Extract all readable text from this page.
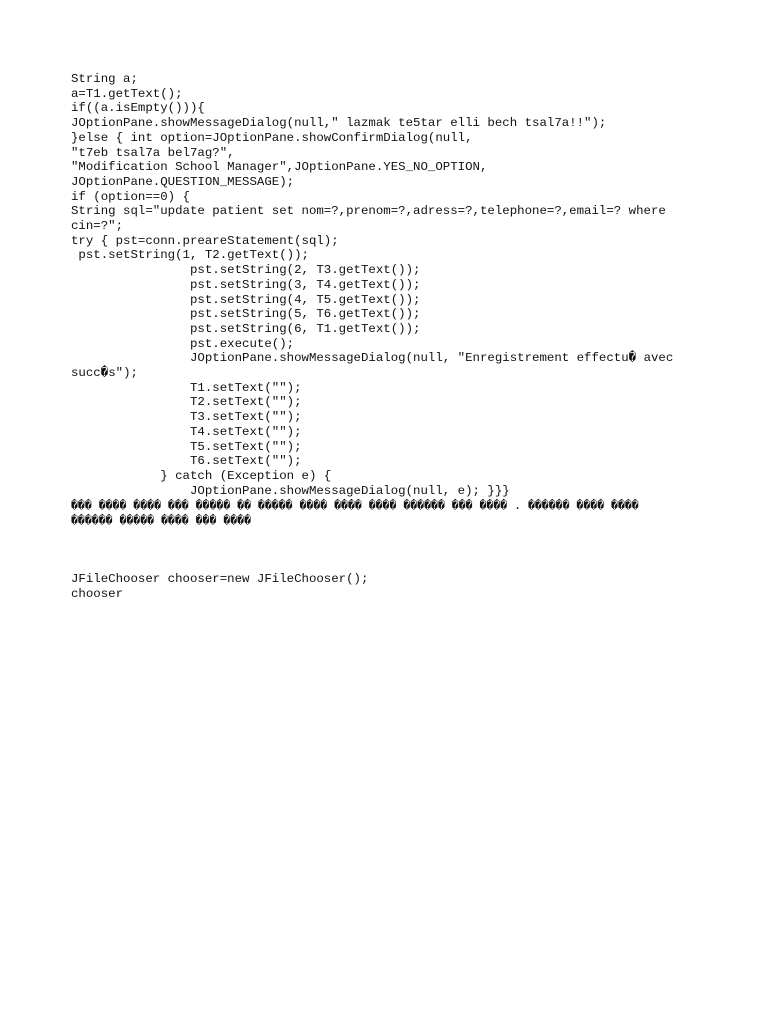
String a;
a=T1.getText();
if((a.isEmpty())){
JOptionPane.showMessageDialog(null," lazmak te5tar elli bech tsal7a!!");
}else { int option=JOptionPane.showConfirmDialog(null,
"t7eb tsal7a bel7ag?",
"Modification School Manager",JOptionPane.YES_NO_OPTION,
JOptionPane.QUESTION_MESSAGE);
if (option==0) {
String sql="update patient set nom=?,prenom=?,adress=?,telephone=?,email=? where
cin=?";
try { pst=conn.preareStatement(sql);
pst.setString(1, T2.getText());
pst.setString(2, T3.getText());
pst.setString(3, T4.getText());
pst.setString(4, T5.getText());
pst.setString(5, T6.getText());
pst.setString(6, T1.getText());
pst.execute();
JOptionPane.showMessageDialog(null, "Enregistrement effectu� avec
succ�s");
T1.setText("");
T2.setText("");
T3.setText("");
T4.setText("");
T5.setText("");
T6.setText("");
} catch (Exception e) {
JOptionPane.showMessageDialog(null, e); }}}
��� ���� ���� ��� ����� �� ����� ���� ���� ���� ������ ��� ���� . ������ ���� ����
������ ����� ���� ��� ����
JFileChooser chooser=new JFileChooser();
chooser
